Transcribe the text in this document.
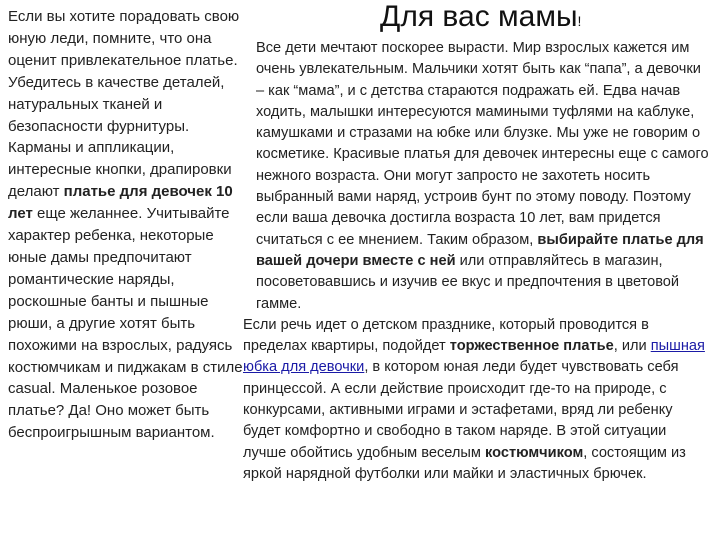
Для вас мамы!

Если вы хотите порадовать свою юную леди, помните, что она оценит привлекательное платье. Убедитесь в качестве деталей, натуральных тканей и безопасности фурнитуры. Карманы и аппликации, интересные кнопки, драпировки делают платье для девочек 10 лет еще желаннее. Учитывайте характер ребенка, некоторые юные дамы предпочитают романтические наряды, роскошные банты и пышные рюши, а другие хотят быть похожими на взрослых, радуясь костюмчикам и пиджакам в стиле casual. Маленькое розовое платье? Да! Оно может быть беспроигрышным вариантом.

Все дети мечтают поскорее вырасти. Мир взрослых кажется им очень увлекательным. Мальчики хотят быть как “папа”, а девочки – как “мама”, и с детства стараются подражать ей. Едва начав ходить, малышки интересуются мамиными туфлями на каблуке, камушками и стразами на юбке или блузке. Мы уже не говорим о косметике. Красивые платья для девочек интересны еще с самого нежного возраста. Они могут запросто не захотеть носить выбранный вами наряд, устроив бунт по этому поводу. Поэтому если ваша девочка достигла возраста 10 лет, вам придется считаться с ее мнением. Таким образом, выбирайте платье для вашей дочери вместе с ней или отправляйтесь в магазин, посоветовавшись и изучив ее вкус и предпочтения в цветовой гамме.

Если речь идет о детском празднике, который проводится в пределах квартиры, подойдет торжественное платье, или пышная юбка для девочки, в котором юная леди будет чувствовать себя принцессой. А если действие происходит где-то на природе, с конкурсами, активными играми и эстафетами, вряд ли ребенку будет комфортно и свободно в таком наряде. В этой ситуации лучше обойтись удобным веселым костюмчиком, состоящим из яркой нарядной футболки или майки и эластичных брючек.
